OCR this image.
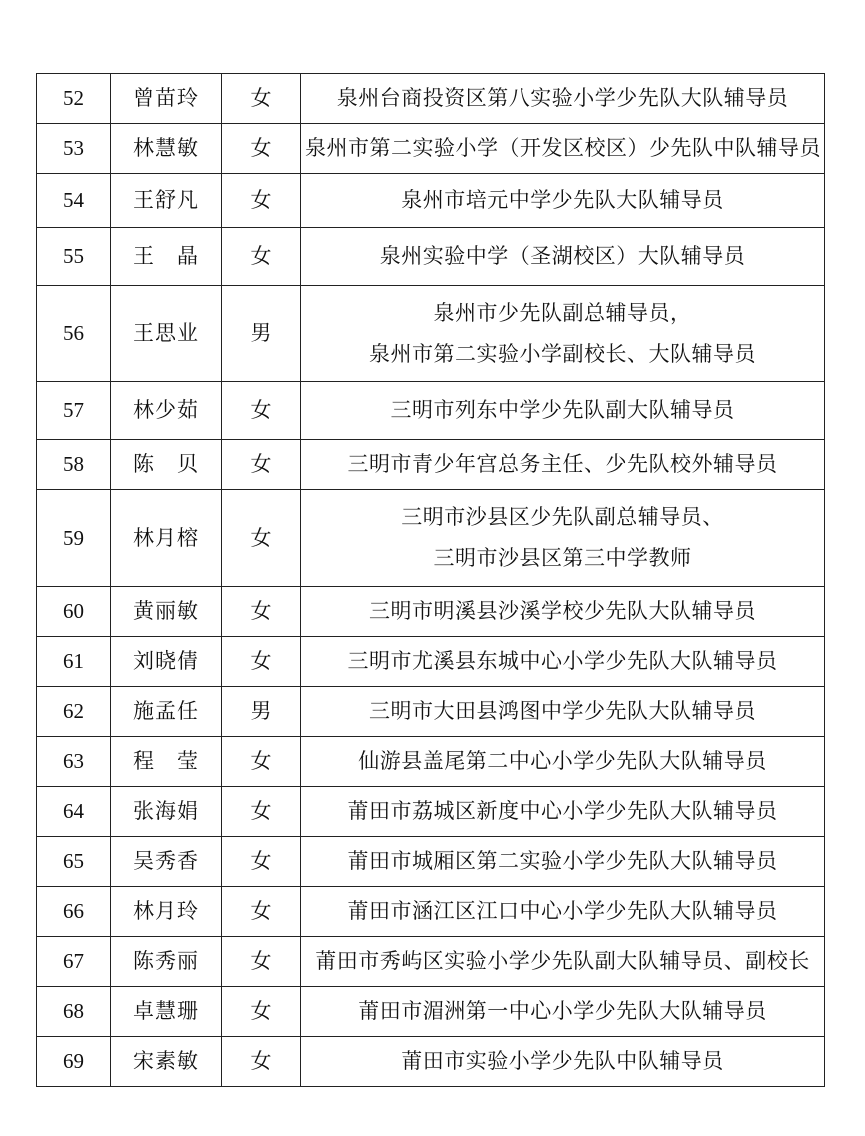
52	曾苗玲	女	泉州台商投资区第八实验小学少先队大队辅导员

53	林慧敏	女	泉州市第二实验小学（开发区校区）少先队中队辅导员

54	王舒凡	女	泉州市培元中学少先队大队辅导员

55	王　晶	女	泉州实验中学（圣湖校区）大队辅导员

56	王思业	男	泉州市少先队副总辅导员，
泉州市第二实验小学副校长、大队辅导员

57	林少茹	女	三明市列东中学少先队副大队辅导员

58	陈　贝	女	三明市青少年宫总务主任、少先队校外辅导员

59	林月榕	女	三明市沙县区少先队副总辅导员、
三明市沙县区第三中学教师

60	黄丽敏	女	三明市明溪县沙溪学校少先队大队辅导员

61	刘晓倩	女	三明市尤溪县东城中心小学少先队大队辅导员

62	施孟任	男	三明市大田县鸿图中学少先队大队辅导员

63	程　莹	女	仙游县盖尾第二中心小学少先队大队辅导员

64	张海娟	女	莆田市荔城区新度中心小学少先队大队辅导员

65	吴秀香	女	莆田市城厢区第二实验小学少先队大队辅导员

66	林月玲	女	莆田市涵江区江口中心小学少先队大队辅导员

67	陈秀丽	女	莆田市秀屿区实验小学少先队副大队辅导员、副校长

68	卓慧珊	女	莆田市湄洲第一中心小学少先队大队辅导员

69	宋素敏	女	莆田市实验小学少先队中队辅导员
